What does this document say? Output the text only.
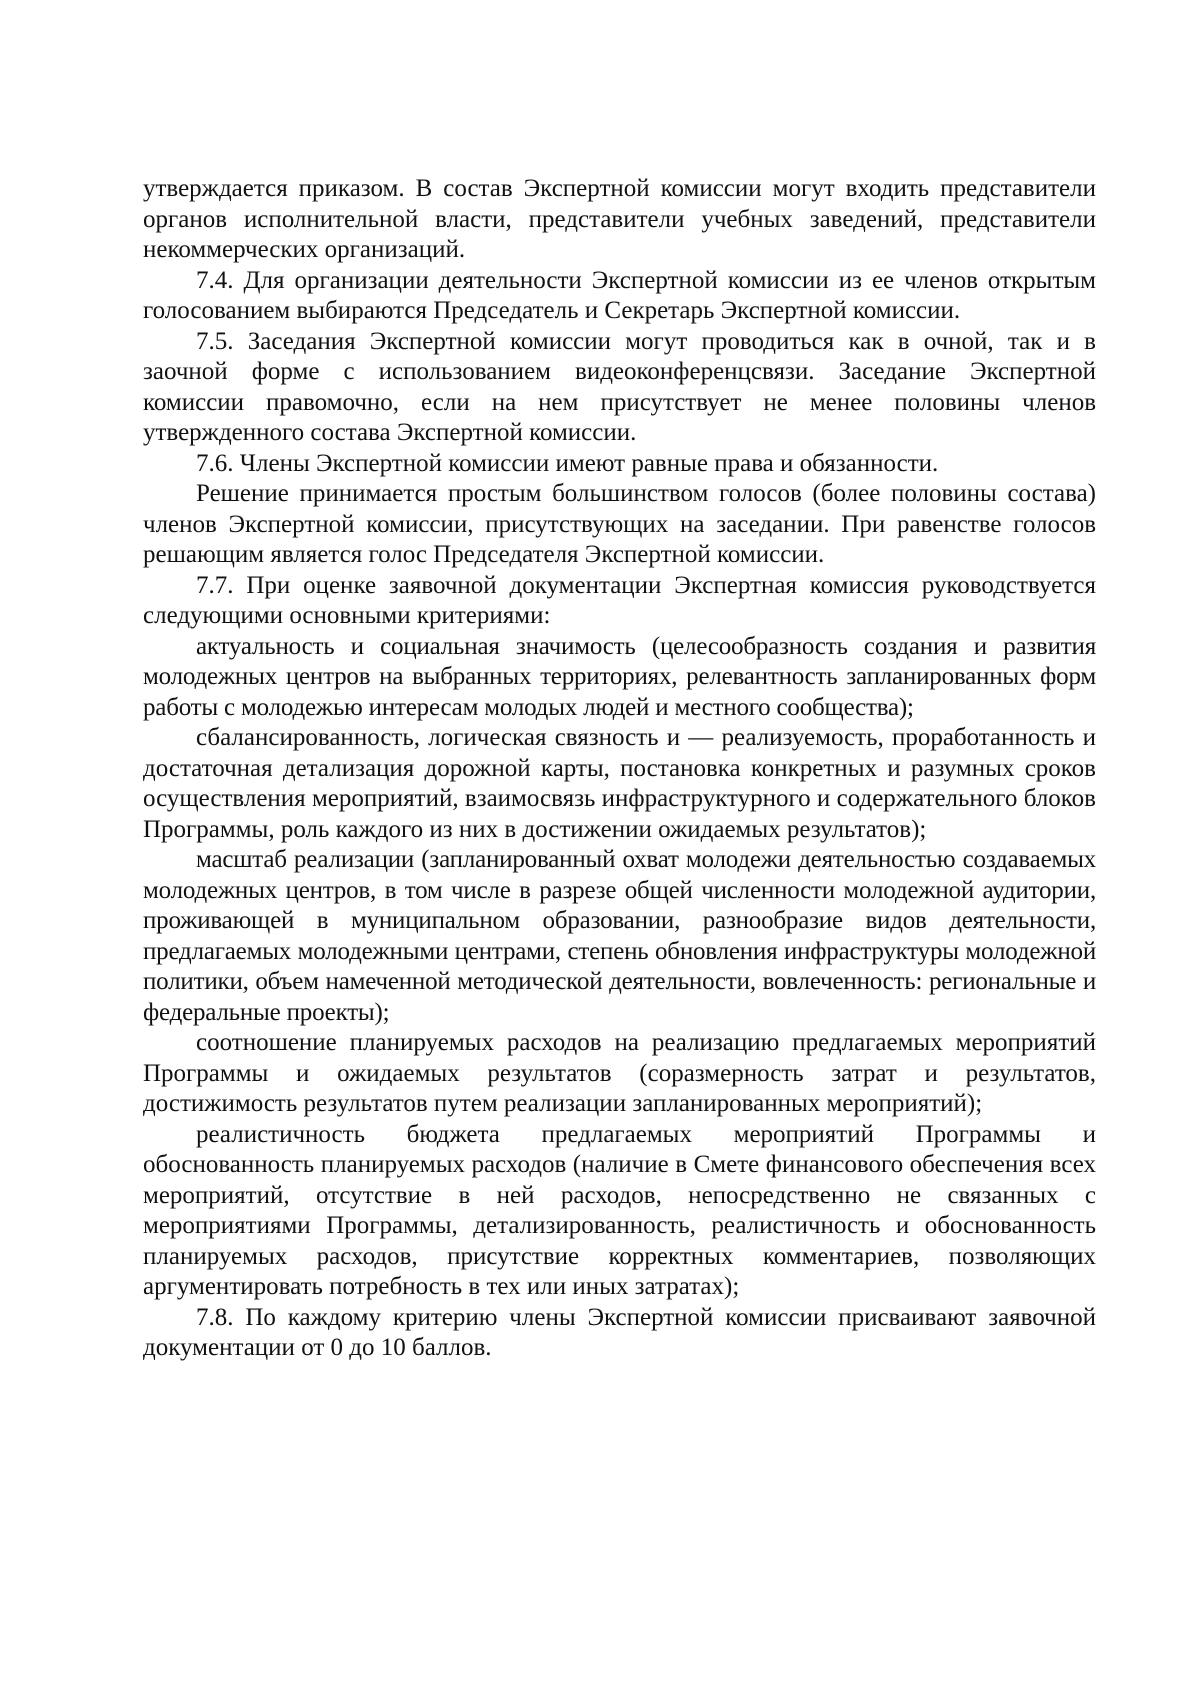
утверждается приказом. В состав Экспертной комиссии могут входить представители органов исполнительной власти, представители учебных заведений, представители некоммерческих организаций.

7.4. Для организации деятельности Экспертной комиссии из ее членов открытым голосованием выбираются Председатель и Секретарь Экспертной комиссии.

7.5. Заседания Экспертной комиссии могут проводиться как в очной, так и в заочной форме с использованием видеоконференцсвязи. Заседание Экспертной комиссии правомочно, если на нем присутствует не менее половины членов утвержденного состава Экспертной комиссии.

7.6. Члены Экспертной комиссии имеют равные права и обязанности.

Решение принимается простым большинством голосов (более половины состава) членов Экспертной комиссии, присутствующих на заседании. При равенстве голосов решающим является голос Председателя Экспертной комиссии.

7.7. При оценке заявочной документации Экспертная комиссия руководствуется следующими основными критериями:

актуальность и социальная значимость (целесообразность создания и развития молодежных центров на выбранных территориях, релевантность запланированных форм работы с молодежью интересам молодых людей и местного сообщества);

сбалансированность, логическая связность и — реализуемость, проработанность и достаточная детализация дорожной карты, постановка конкретных и разумных сроков осуществления мероприятий, взаимосвязь инфраструктурного и содержательного блоков Программы, роль каждого из них в достижении ожидаемых результатов);

масштаб реализации (запланированный охват молодежи деятельностью создаваемых молодежных центров, в том числе в разрезе общей численности молодежной аудитории, проживающей в муниципальном образовании, разнообразие видов деятельности, предлагаемых молодежными центрами, степень обновления инфраструктуры молодежной политики, объем намеченной методической деятельности, вовлеченность: региональные и федеральные проекты);

соотношение планируемых расходов на реализацию предлагаемых мероприятий Программы и ожидаемых результатов (соразмерность затрат и результатов, достижимость результатов путем реализации запланированных мероприятий);

реалистичность бюджета предлагаемых мероприятий Программы и обоснованность планируемых расходов (наличие в Смете финансового обеспечения всех мероприятий, отсутствие в ней расходов, непосредственно не связанных с мероприятиями Программы, детализированность, реалистичность и обоснованность планируемых расходов, присутствие корректных комментариев, позволяющих аргументировать потребность в тех или иных затратах);

7.8. По каждому критерию члены Экспертной комиссии присваивают заявочной документации от 0 до 10 баллов.
